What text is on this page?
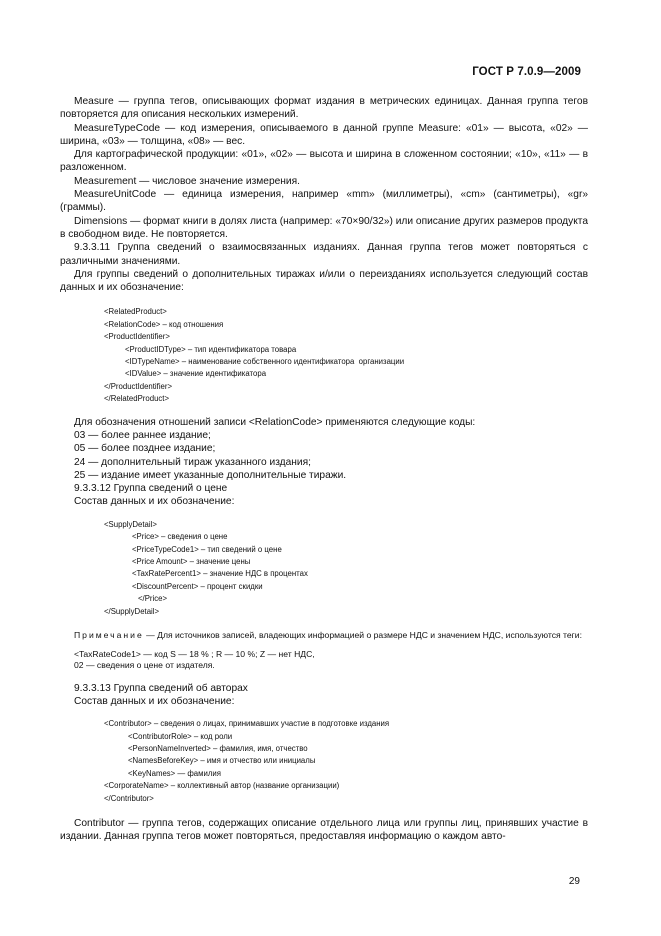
ГОСТ Р 7.0.9—2009

Measure — группа тегов, описывающих формат издания в метрических единицах. Данная группа тегов повторяется для описания нескольких измерений.

MeasureTypeCode — код измерения, описываемого в данной группе Measure: «01» — высота, «02» — ширина, «03» — толщина, «08» — вес.

Для картографической продукции: «01», «02» — высота и ширина в сложенном состоянии; «10», «11» — в разложенном.

Measurement — числовое значение измерения.

MeasureUnitCode — единица измерения, например «mm» (миллиметры), «cm» (сантиметры), «gr» (граммы).

Dimensions — формат книги в долях листа (например: «70×90/32») или описание других размеров продукта в свободном виде. Не повторяется.

9.3.3.11 Группа сведений о взаимосвязанных изданиях. Данная группа тегов может повторяться с различными значениями.

Для группы сведений о дополнительных тиражах и/или о переизданиях используется следующий состав данных и их обозначение:

<RelatedProduct>
<RelationCode> – код отношения
<ProductIdentifier>
<ProductIDType> – тип идентификатора товара
<IDTypeName> – наименование собственного идентификатора  организации
<IDValue> – значение идентификатора
</ProductIdentifier>
</RelatedProduct>

Для обозначения отношений записи <RelationCode> применяются следующие коды:

03 — более раннее издание;

05 — более позднее издание;

24 — дополнительный тираж указанного издания;

25 — издание имеет указанные дополнительные тиражи.

9.3.3.12 Группа сведений о цене

Состав данных и их обозначение:

<SupplyDetail>
<Price> – сведения о цене
<PriceTypeCode1> – тип сведений о цене
<Price Amount> – значение цены
<TaxRatePercent1> – значение НДС в процентах
<DiscountPercent> – процент скидки
</Price>
</SupplyDetail>
Примечание — Для источников записей, владеющих информацией о размере НДС и значением НДС, используются теги:
<TaxRateCode1> — код S — 18 % ; R — 10 %; Z — нет НДС,
02 — сведения о цене от издателя.

9.3.3.13 Группа сведений об авторах

Состав данных и их обозначение:

<Contributor> – сведения о лицах, принимавших участие в подготовке издания
<ContributorRole> – код роли
<PersonNameInverted> – фамилия, имя, отчество
<NamesBeforeKey> – имя и отчество или инициалы
<KeyNames> — фамилия
<CorporateName> – коллективный автор (название организации)
</Contributor>

Contributor — группа тегов, содержащих описание отдельного лица или группы лиц, принявших участие в издании. Данная группа тегов может повторяться, предоставляя информацию о каждом авто-

29
